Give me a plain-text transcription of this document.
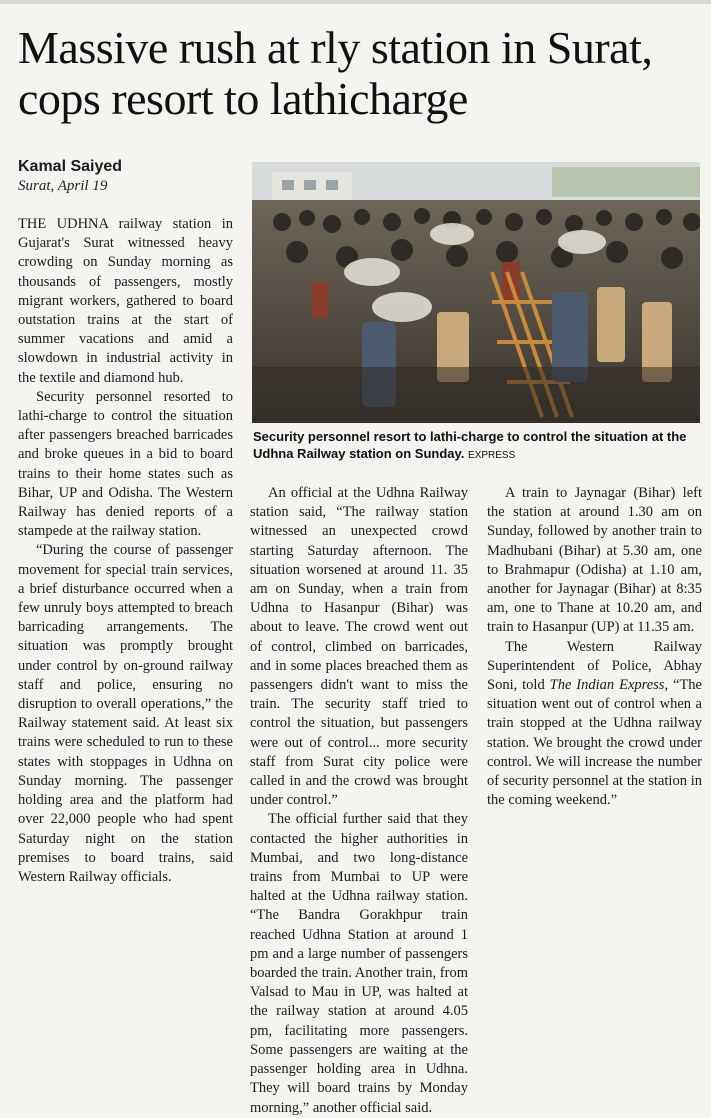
Massive rush at rly station in Surat, cops resort to lathicharge
Kamal Saiyed
Surat, April 19
Security personnel resort to lathi-charge to control the situation at the Udhna Railway station on Sunday. EXPRESS

THE UDHNA railway station in Gujarat's Surat witnessed heavy crowding on Sunday morning as thousands of passengers, mostly migrant workers, gathered to board outstation trains at the start of summer vacations and amid a slowdown in industrial activity in the textile and diamond hub.

Security personnel resorted to lathi-charge to control the situation after passengers breached barricades and broke queues in a bid to board trains to their home states such as Bihar, UP and Odisha. The Western Railway has denied reports of a stampede at the railway station.

“During the course of passenger movement for special train services, a brief disturbance occurred when a few unruly boys attempted to breach barricading arrangements. The situation was promptly brought under control by on-ground railway staff and police, ensuring no disruption to overall operations,” the Railway statement said. At least six trains were scheduled to run to these states with stoppages in Udhna on Sunday morning. The passenger holding area and the platform had over 22,000 people who had spent Saturday night on the station premises to board trains, said Western Railway officials.

An official at the Udhna Railway station said, “The railway station witnessed an unexpected crowd starting Saturday afternoon. The situation worsened at around 11. 35 am on Sunday, when a train from Udhna to Hasanpur (Bihar) was about to leave. The crowd went out of control, climbed on barricades, and in some places breached them as passengers didn't want to miss the train. The security staff tried to control the situation, but passengers were out of control... more security staff from Surat city police were called in and the crowd was brought under control.”

The official further said that they contacted the higher authorities in Mumbai, and two long-distance trains from Mumbai to UP were halted at the Udhna railway station. “The Bandra Gorakhpur train reached Udhna Station at around 1 pm and a large number of passengers boarded the train. Another train, from Valsad to Mau in UP, was halted at the railway station at around 4.05 pm, facilitating more passengers. Some passengers are waiting at the passenger holding area in Udhna. They will board trains by Monday morning,” another official said.

A train to Jaynagar (Bihar) left the station at around 1.30 am on Sunday, followed by another train to Madhubani (Bihar) at 5.30 am, one to Brahmapur (Odisha) at 1.10 am, another for Jaynagar (Bihar) at 8:35 am, one to Thane at 10.20 am, and train to Hasanpur (UP) at 11.35 am.

The Western Railway Superintendent of Police, Abhay Soni, told The Indian Express, “The situation went out of control when a train stopped at the Udhna railway station. We brought the crowd under control. We will increase the number of security personnel at the station in the coming weekend.”
